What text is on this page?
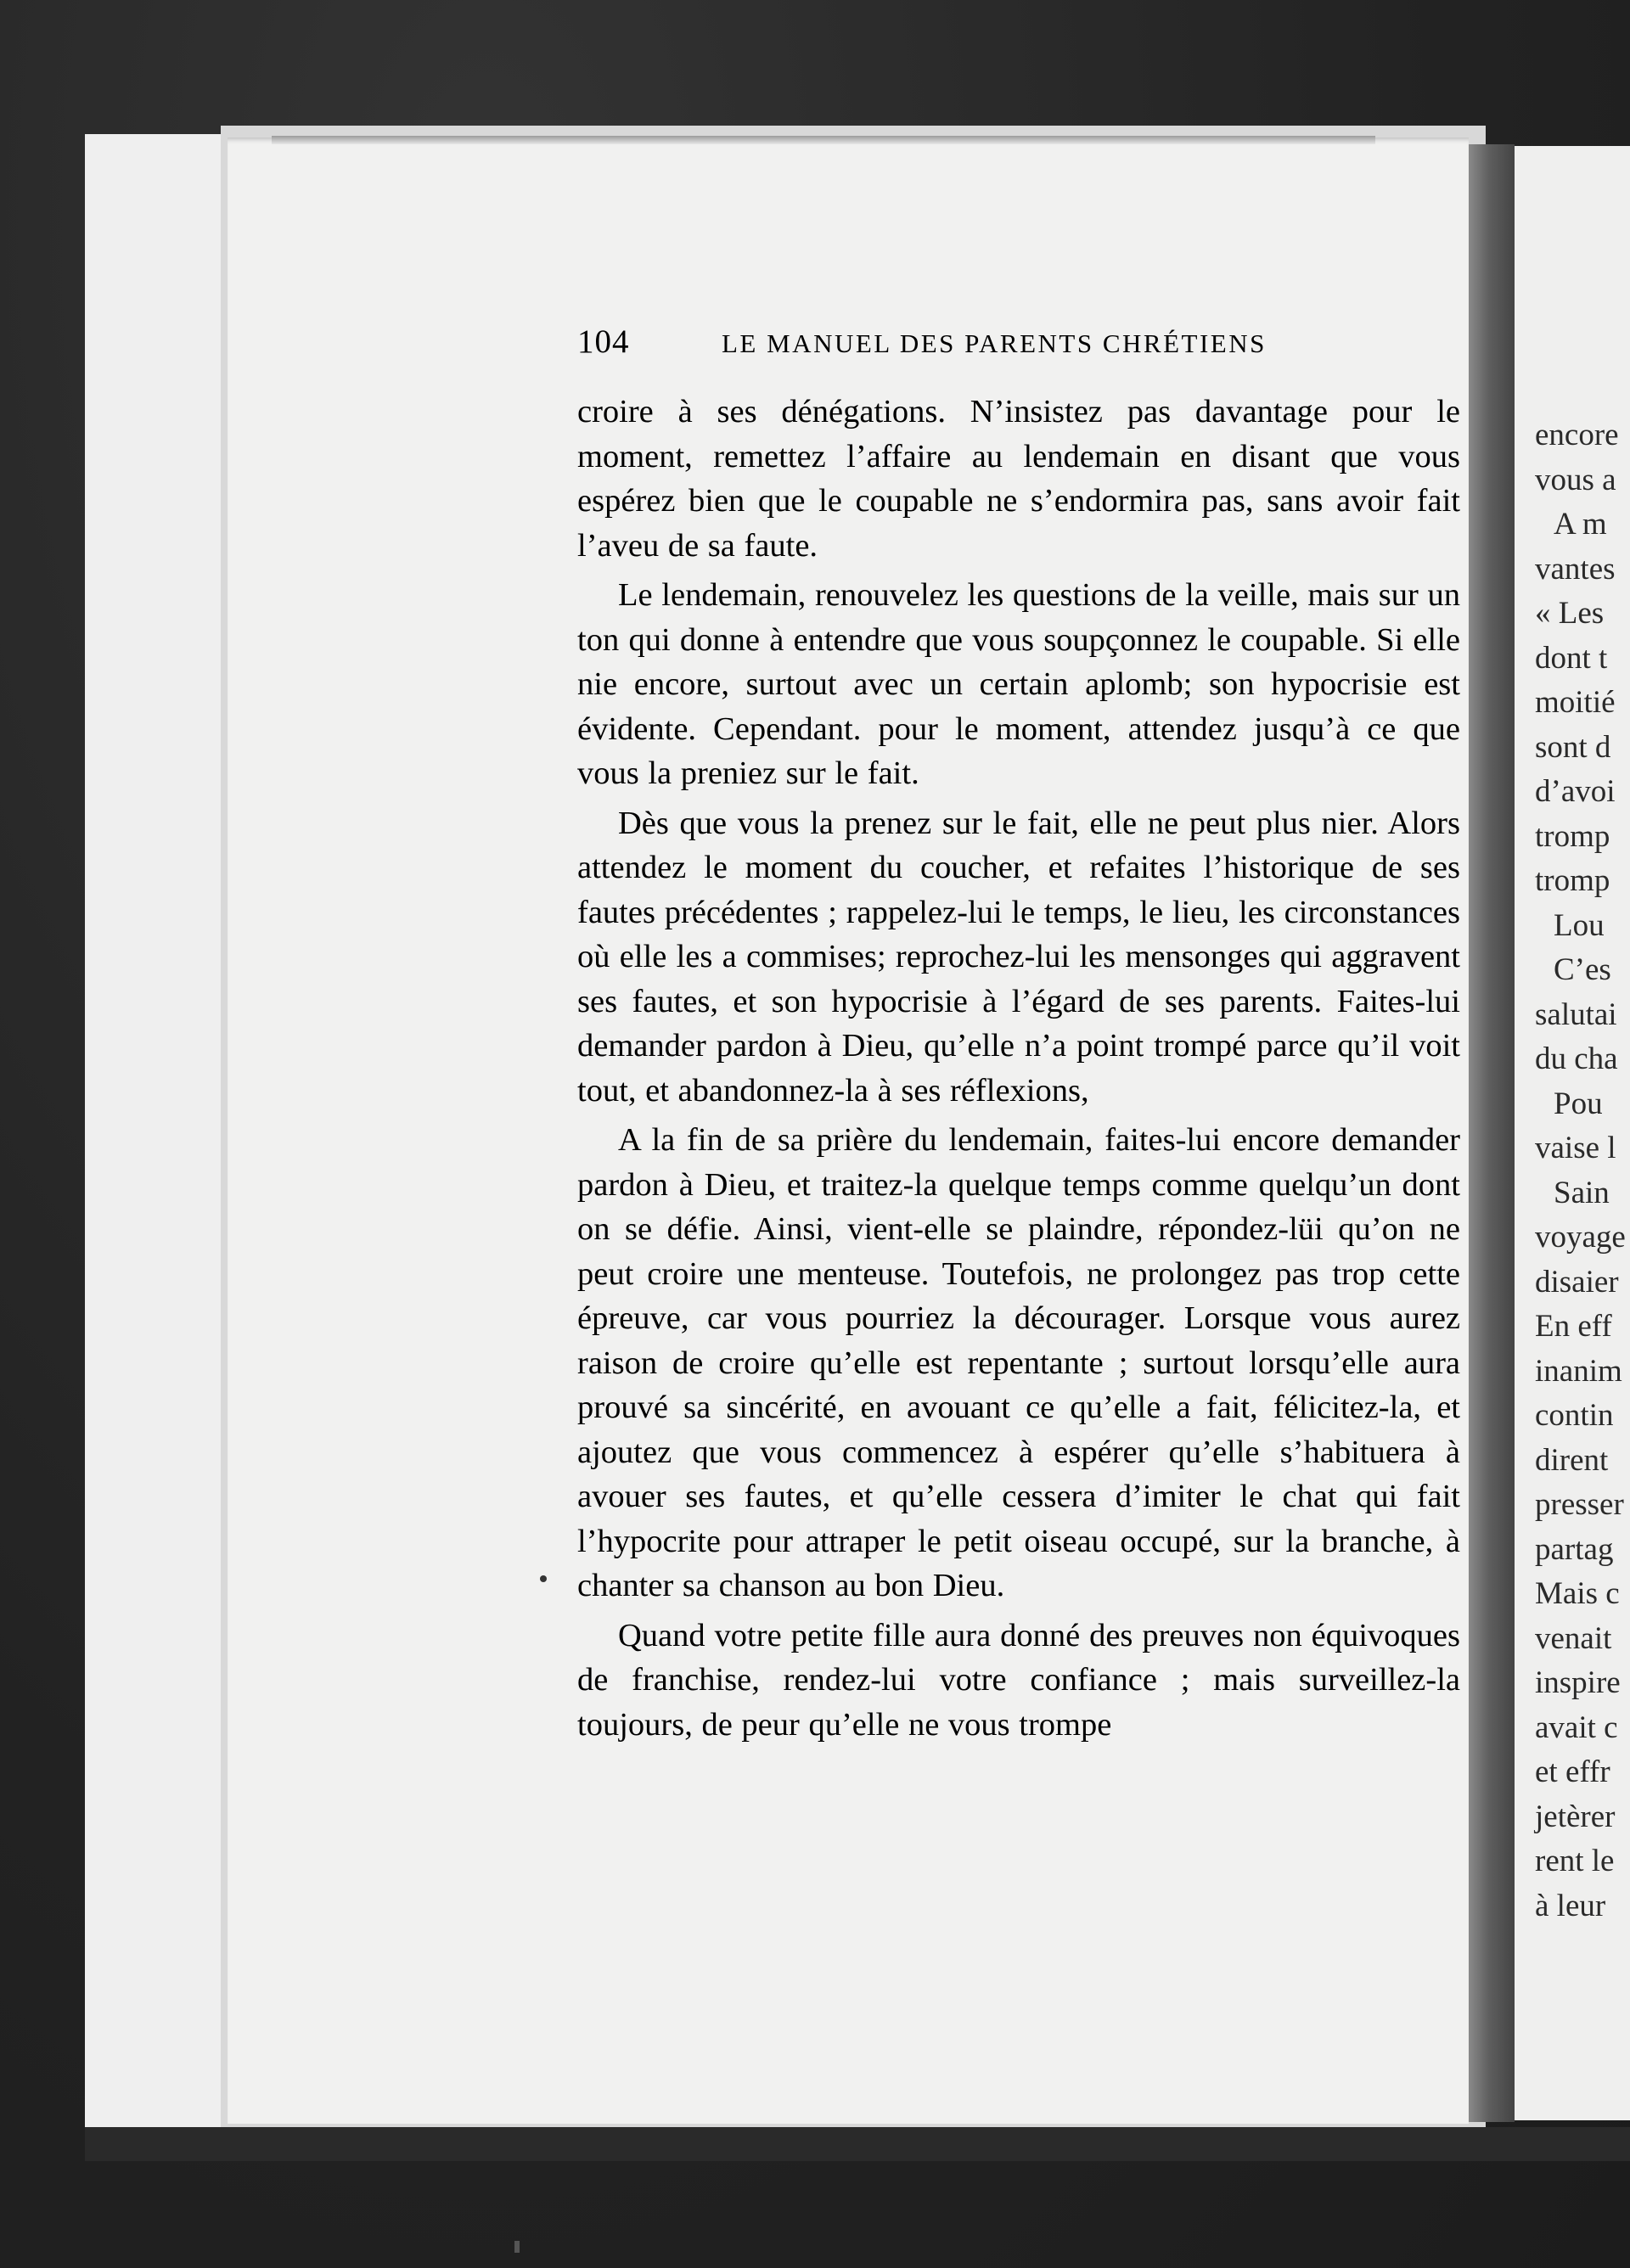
encore
vous a
A m
vantes
« Les
dont t
moitié
sont d
d’avoi
tromp
tromp
Lou
C’es
salutai
du cha
Pou
vaise l
Sain
voyage
disaier
En eff
inanim
contin
dirent
presser
partag
Mais c
venait
inspire
avait c
et effr
jetèrer
rent le
à leur
104	LE MANUEL DES PARENTS CHRÉTIENS

croire à ses dénégations. N’insistez pas davantage pour le moment, remettez l’affaire au lendemain en disant que vous espérez bien que le coupable ne s’endormira pas, sans avoir fait l’aveu de sa faute.

Le lendemain, renouvelez les questions de la veille, mais sur un ton qui donne à entendre que vous soupçonnez le coupable. Si elle nie encore, surtout avec un certain aplomb; son hypocrisie est évidente. Cependant. pour le moment, attendez jusqu’à ce que vous la preniez sur le fait.

Dès que vous la prenez sur le fait, elle ne peut plus nier. Alors attendez le moment du coucher, et refaites l’historique de ses fautes précédentes ; rappelez-lui le temps, le lieu, les circonstances où elle les a commises; reprochez-lui les mensonges qui aggravent ses fautes, et son hypocrisie à l’égard de ses parents. Faites-lui demander pardon à Dieu, qu’elle n’a point trompé parce qu’il voit tout, et abandonnez-la à ses réflexions,

A la fin de sa prière du lendemain, faites-lui encore demander pardon à Dieu, et traitez-la quelque temps comme quelqu’un dont on se défie. Ainsi, vient-elle se plaindre, répondez-lüi qu’on ne peut croire une menteuse. Toutefois, ne prolongez pas trop cette épreuve, car vous pourriez la décourager. Lorsque vous aurez raison de croire qu’elle est repentante ; surtout lorsqu’elle aura prouvé sa sincérité, en avouant ce qu’elle a fait, félicitez-la, et ajoutez que vous commencez à espérer qu’elle s’habituera à avouer ses fautes, et qu’elle cessera d’imiter le chat qui fait l’hypocrite pour attraper le petit oiseau occupé, sur la branche, à chanter sa chanson au bon Dieu.

Quand votre petite fille aura donné des preuves non équivoques de franchise, rendez-lui votre confiance ; mais surveillez-la toujours, de peur qu’elle ne vous trompe
